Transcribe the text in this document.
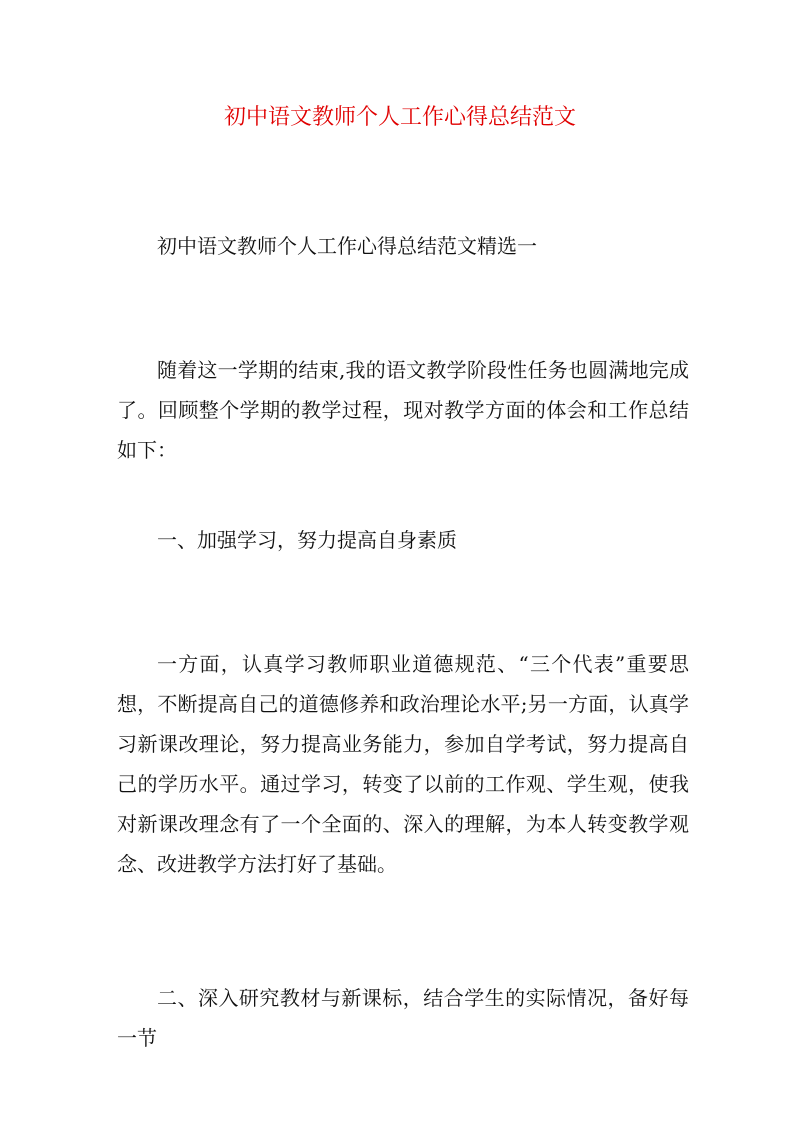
初中语文教师个人工作心得总结范文

初中语文教师个人工作心得总结范文精选一

随着这一学期的结束,我的语文教学阶段性任务也圆满地完成了。回顾整个学期的教学过程，现对教学方面的体会和工作总结如下：

一、加强学习，努力提高自身素质

一方面，认真学习教师职业道德规范、“三个代表”重要思想，不断提高自己的道德修养和政治理论水平;另一方面，认真学习新课改理论，努力提高业务能力，参加自学考试，努力提高自己的学历水平。通过学习，转变了以前的工作观、学生观，使我对新课改理念有了一个全面的、深入的理解，为本人转变教学观念、改进教学方法打好了基础。

二、深入研究教材与新课标，结合学生的实际情况，备好每一节
